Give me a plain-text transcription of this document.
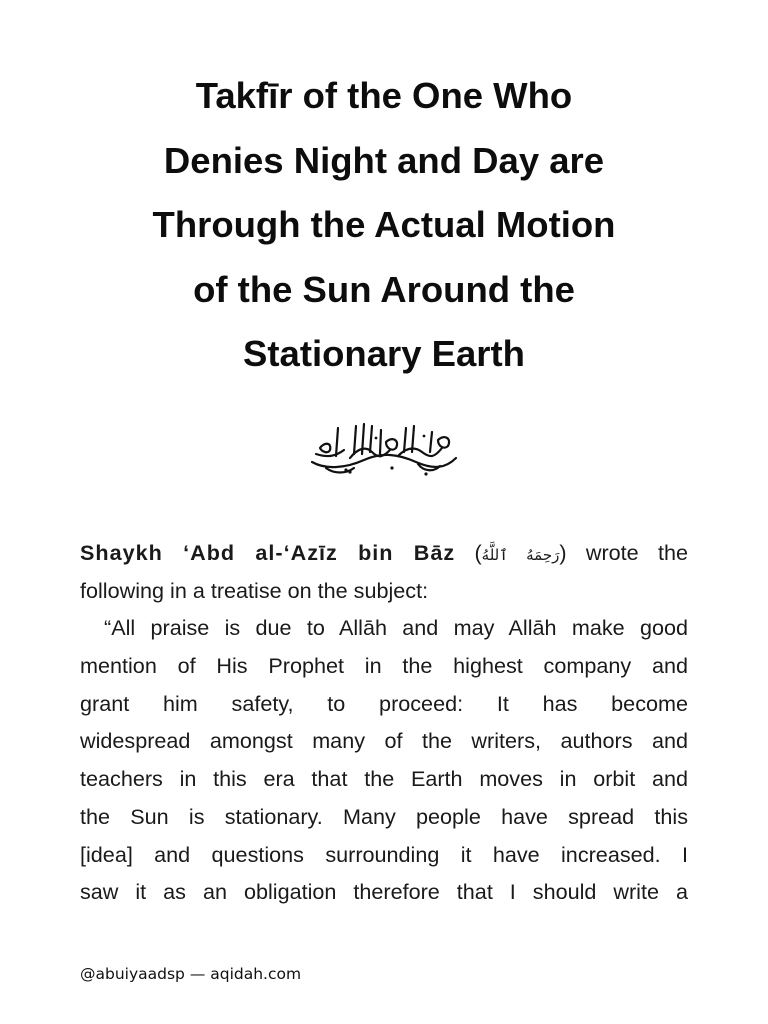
Takfīr of the One Who
Denies Night and Day are
Through the Actual Motion
of the Sun Around the
Stationary Earth
Shaykh ‘Abd al-‘Azīz bin Bāz (رَحِمَهُ ٱللَّهُ) wrote the
following in a treatise on the subject:
“All praise is due to Allāh and may Allāh make good
mention of His Prophet in the highest company and
grant him safety, to proceed: It has become
widespread amongst many of the writers, authors and
teachers in this era that the Earth moves in orbit and
the Sun is stationary. Many people have spread this
[idea] and questions surrounding it have increased. I
saw it as an obligation therefore that I should write a
@abuiyaadsp — aqidah.com
